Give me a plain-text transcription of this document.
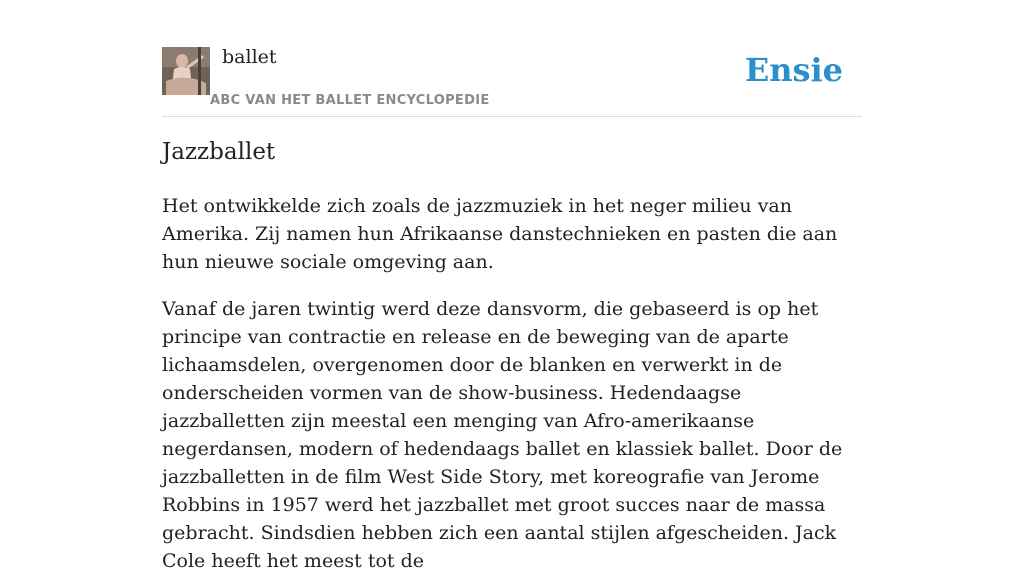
ballet
ABC VAN HET BALLET ENCYCLOPEDIE
Ensie
Jazzballet

Het ontwikkelde zich zoals de jazzmuziek in het neger milieu van Amerika. Zij namen hun Afrikaanse danstechnieken en pasten die aan hun nieuwe sociale omgeving aan.

Vanaf de jaren twintig werd deze dansvorm, die gebaseerd is op het principe van contractie en release en de beweging van de aparte lichaamsdelen, overgenomen door de blanken en verwerkt in de onderscheiden vormen van de show-business. Hedendaagse jazzballetten zijn meestal een menging van Afro-amerikaanse negerdansen, modern of hedendaags ballet en klassiek ballet. Door de jazzballetten in de film West Side Story, met koreografie van Jerome Robbins in 1957 werd het jazzballet met groot succes naar de massa gebracht. Sindsdien hebben zich een aantal stijlen afgescheiden. Jack Cole heeft het meest tot de
